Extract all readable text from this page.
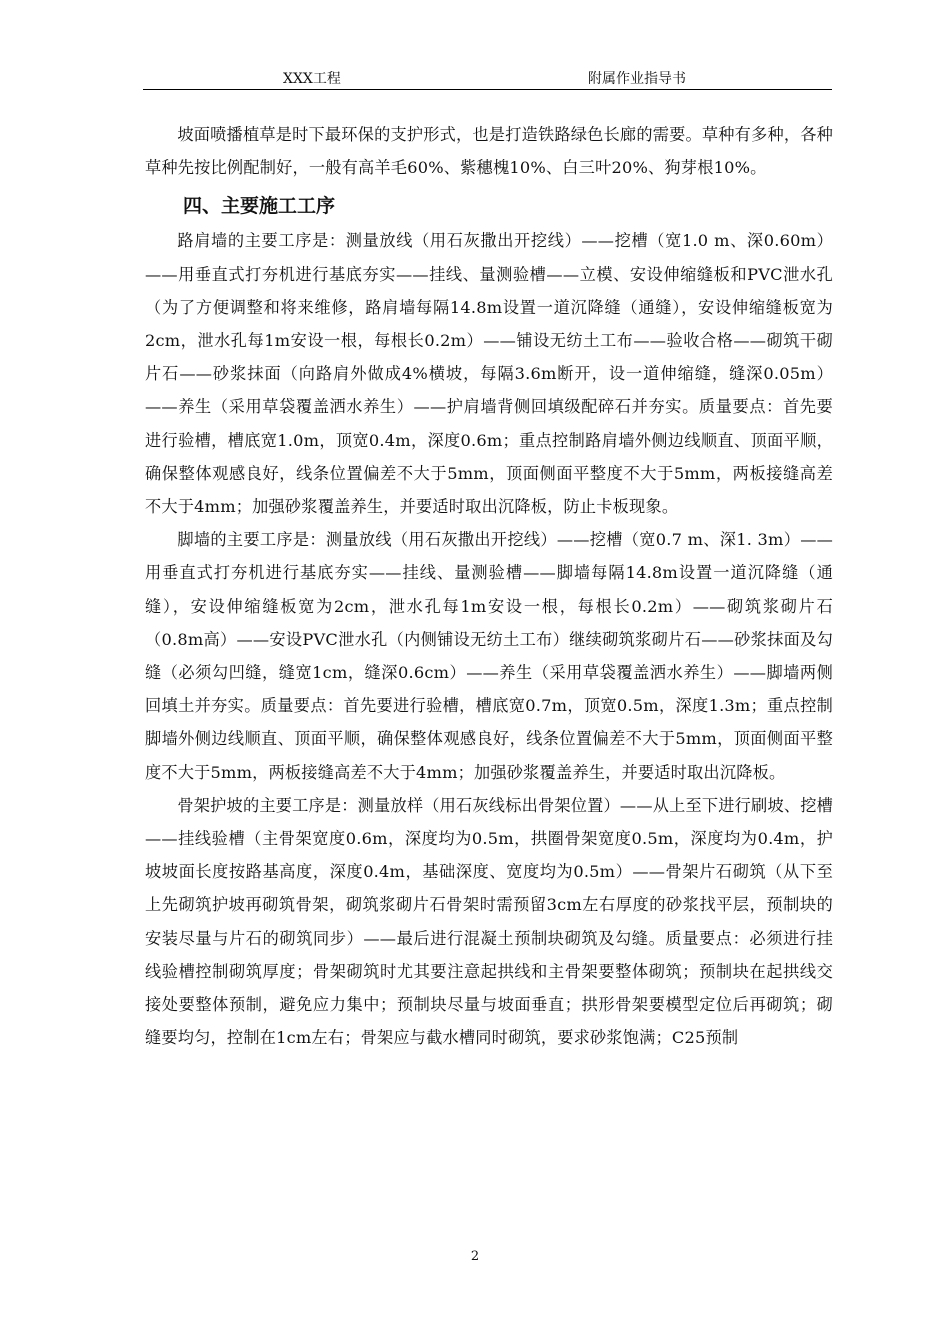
XXX工程	附属作业指导书

坡面喷播植草是时下最环保的支护形式，也是打造铁路绿色长廊的需要。草种有多种，各种草种先按比例配制好，一般有高羊毛60%、紫穗槐10%、白三叶20%、狗芽根10%。

四、主要施工工序

路肩墙的主要工序是：测量放线（用石灰撒出开挖线）——挖槽（宽1.0 m、深0.60m）——用垂直式打夯机进行基底夯实——挂线、量测验槽——立模、安设伸缩缝板和PVC泄水孔（为了方便调整和将来维修，路肩墙每隔14.8m设置一道沉降缝（通缝），安设伸缩缝板宽为2cm，泄水孔每1m安设一根，每根长0.2m）——铺设无纺土工布——验收合格——砌筑干砌片石——砂浆抹面（向路肩外做成4%横坡，每隔3.6m断开，设一道伸缩缝，缝深0.05m）——养生（采用草袋覆盖洒水养生）——护肩墙背侧回填级配碎石并夯实。质量要点：首先要进行验槽，槽底宽1.0m，顶宽0.4m，深度0.6m；重点控制路肩墙外侧边线顺直、顶面平顺，确保整体观感良好，线条位置偏差不大于5mm，顶面侧面平整度不大于5mm，两板接缝高差不大于4mm；加强砂浆覆盖养生，并要适时取出沉降板，防止卡板现象。

脚墙的主要工序是：测量放线（用石灰撒出开挖线）——挖槽（宽0.7 m、深1. 3m）——用垂直式打夯机进行基底夯实——挂线、量测验槽——脚墙每隔14.8m设置一道沉降缝（通缝），安设伸缩缝板宽为2cm，泄水孔每1m安设一根，每根长0.2m）——砌筑浆砌片石（0.8m高）——安设PVC泄水孔（内侧铺设无纺土工布）继续砌筑浆砌片石——砂浆抹面及勾缝（必须勾凹缝，缝宽1cm，缝深0.6cm）——养生（采用草袋覆盖洒水养生）——脚墙两侧回填土并夯实。质量要点：首先要进行验槽，槽底宽0.7m，顶宽0.5m，深度1.3m；重点控制脚墙外侧边线顺直、顶面平顺，确保整体观感良好，线条位置偏差不大于5mm，顶面侧面平整度不大于5mm，两板接缝高差不大于4mm；加强砂浆覆盖养生，并要适时取出沉降板。

骨架护坡的主要工序是：测量放样（用石灰线标出骨架位置）——从上至下进行刷坡、挖槽——挂线验槽（主骨架宽度0.6m，深度均为0.5m，拱圈骨架宽度0.5m，深度均为0.4m，护坡坡面长度按路基高度，深度0.4m，基础深度、宽度均为0.5m）——骨架片石砌筑（从下至上先砌筑护坡再砌筑骨架，砌筑浆砌片石骨架时需预留3cm左右厚度的砂浆找平层，预制块的安装尽量与片石的砌筑同步）——最后进行混凝土预制块砌筑及勾缝。质量要点：必须进行挂线验槽控制砌筑厚度；骨架砌筑时尤其要注意起拱线和主骨架要整体砌筑；预制块在起拱线交接处要整体预制，避免应力集中；预制块尽量与坡面垂直；拱形骨架要模型定位后再砌筑；砌缝要均匀，控制在1cm左右；骨架应与截水槽同时砌筑，要求砂浆饱满；C25预制

2
